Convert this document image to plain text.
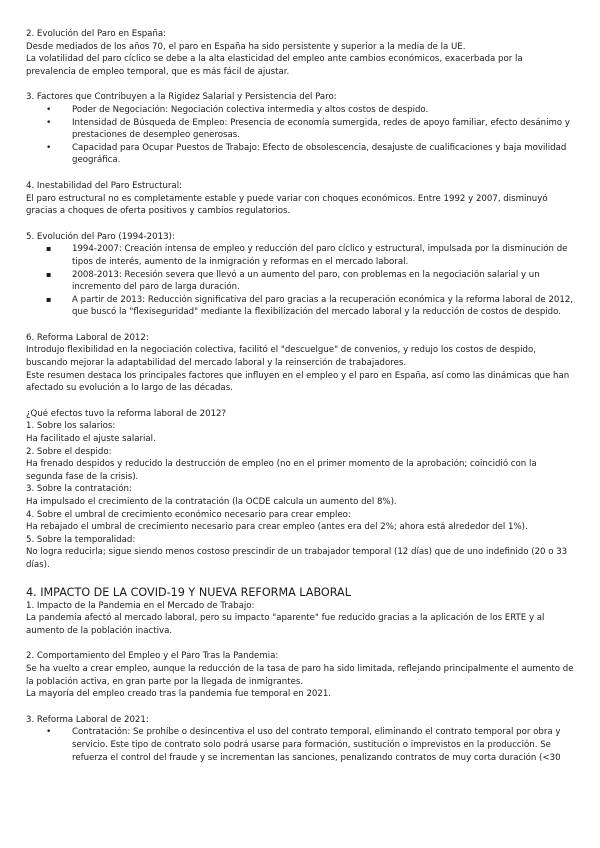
2. Evolución del Paro en España:

Desde mediados de los años 70, el paro en España ha sido persistente y superior a la media de la UE.

La volatilidad del paro cíclico se debe a la alta elasticidad del empleo ante cambios económicos, exacerbada por la prevalencia de empleo temporal, que es más fácil de ajustar.

3. Factores que Contribuyen a la Rigidez Salarial y Persistencia del Paro:

• Poder de Negociación: Negociación colectiva intermedia y altos costos de despido.
• Intensidad de Búsqueda de Empleo: Presencia de economía sumergida, redes de apoyo familiar, efecto desánimo y prestaciones de desempleo generosas.
• Capacidad para Ocupar Puestos de Trabajo: Efecto de obsolescencia, desajuste de cualificaciones y baja movilidad geográfica.

4. Inestabilidad del Paro Estructural:

El paro estructural no es completamente estable y puede variar con choques económicos. Entre 1992 y 2007, disminuyó gracias a choques de oferta positivos y cambios regulatorios.

5. Evolución del Paro (1994-2013):

▪ 1994-2007: Creación intensa de empleo y reducción del paro cíclico y estructural, impulsada por la disminución de tipos de interés, aumento de la inmigración y reformas en el mercado laboral.
▪ 2008-2013: Recesión severa que llevó a un aumento del paro, con problemas en la negociación salarial y un incremento del paro de larga duración.
▪ A partir de 2013: Reducción significativa del paro gracias a la recuperación económica y la reforma laboral de 2012, que buscó la "flexiseguridad" mediante la flexibilización del mercado laboral y la reducción de costos de despido.

6. Reforma Laboral de 2012:

Introdujo flexibilidad en la negociación colectiva, facilitó el "descuelgue" de convenios, y redujo los costos de despido, buscando mejorar la adaptabilidad del mercado laboral y la reinserción de trabajadores.

Este resumen destaca los principales factores que influyen en el empleo y el paro en España, así como las dinámicas que han afectado su evolución a lo largo de las décadas.

¿Qué efectos tuvo la reforma laboral de 2012?

1. Sobre los salarios:

Ha facilitado el ajuste salarial.

2. Sobre el despido:

Ha frenado despidos y reducido la destrucción de empleo (no en el primer momento de la aprobación; coincidió con la segunda fase de la crisis).

3. Sobre la contratación:

Ha impulsado el crecimiento de la contratación (la OCDE calcula un aumento del 8%).

4. Sobre el umbral de crecimiento económico necesario para crear empleo:

Ha rebajado el umbral de crecimiento necesario para crear empleo (antes era del 2%; ahora está alrededor del 1%).

5. Sobre la temporalidad:

No logra reducirla; sigue siendo menos costoso prescindir de un trabajador temporal (12 días) que de uno indefinido (20 o 33 días).

4. IMPACTO DE LA COVID-19 Y NUEVA REFORMA LABORAL

1. Impacto de la Pandemia en el Mercado de Trabajo:

La pandemia afectó al mercado laboral, pero su impacto "aparente" fue reducido gracias a la aplicación de los ERTE y al aumento de la población inactiva.

2. Comportamiento del Empleo y el Paro Tras la Pandemia:

Se ha vuelto a crear empleo, aunque la reducción de la tasa de paro ha sido limitada, reflejando principalmente el aumento de la población activa, en gran parte por la llegada de inmigrantes.

La mayoría del empleo creado tras la pandemia fue temporal en 2021.

3. Reforma Laboral de 2021:

• Contratación: Se prohíbe o desincentiva el uso del contrato temporal, eliminando el contrato temporal por obra y servicio. Este tipo de contrato solo podrá usarse para formación, sustitución o imprevistos en la producción. Se refuerza el control del fraude y se incrementan las sanciones, penalizando contratos de muy corta duración (<30
